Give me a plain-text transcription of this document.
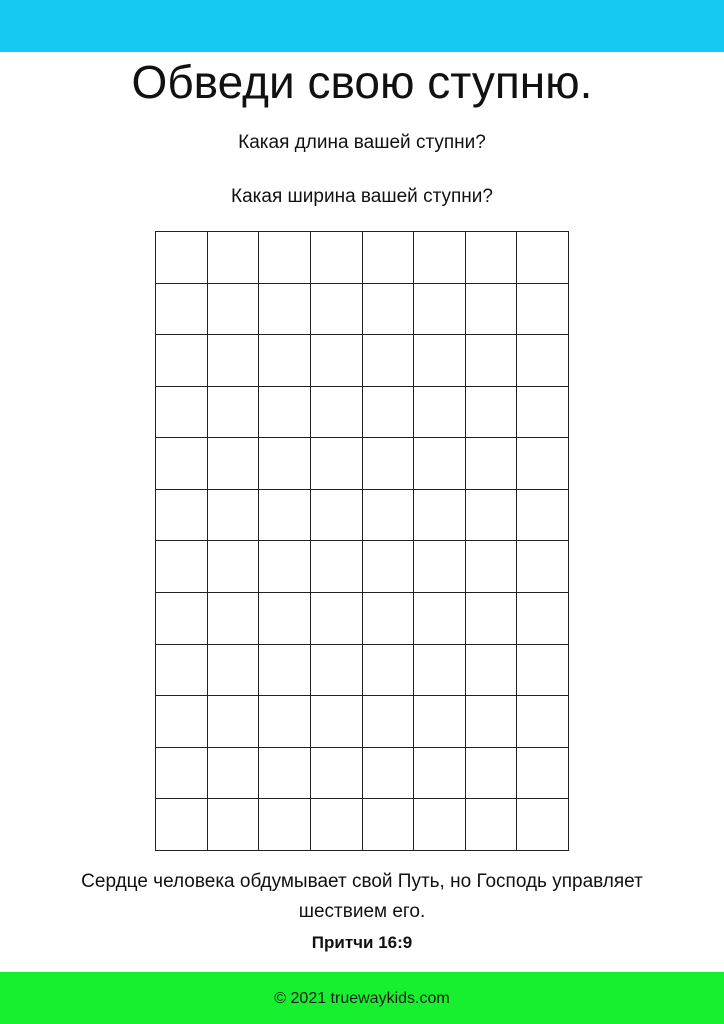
Обведи свою ступню.
Какая длина вашей ступни?
Какая ширина вашей ступни?
Сердце человека обдумывает свой Путь, но Господь управляет шествием его.
Притчи 16:9
© 2021 truewaykids.com
